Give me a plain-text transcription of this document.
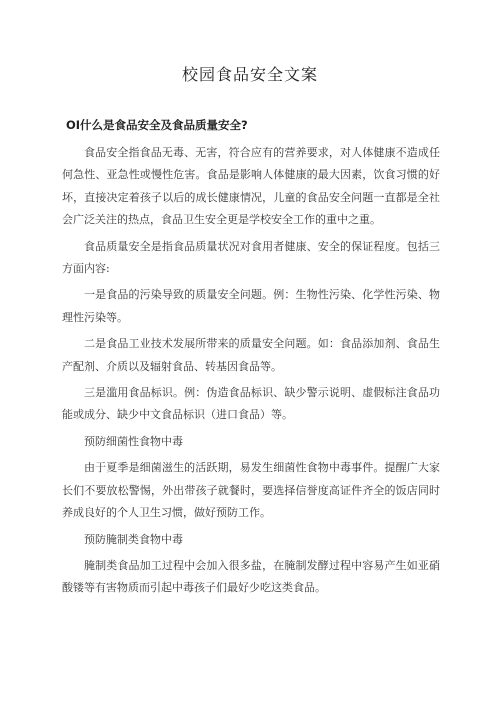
校园食品安全文案
OI什么是食品安全及食品质量安全?

食品安全指食品无毒、无害，符合应有的营养要求，对人体健康不造成任何急性、亚急性或慢性危害。食品是影响人体健康的最大因素，饮食习惯的好坏，直接决定着孩子以后的成长健康情况，儿童的食品安全问题一直都是全社会广泛关注的热点，食品卫生安全更是学校安全工作的重中之重。

食品质量安全是指食品质量状况对食用者健康、安全的保证程度。包括三方面内容:

一是食品的污染导致的质量安全问题。例：生物性污染、化学性污染、物理性污染等。

二是食品工业技术发展所带来的质量安全问题。如：食品添加剂、食品生产配剂、介质以及辐射食品、转基因食品等。

三是滥用食品标识。例：伪造食品标识、缺少警示说明、虚假标注食品功能或成分、缺少中文食品标识（进口食品）等。

预防细菌性食物中毒

由于夏季是细菌滋生的活跃期，易发生细菌性食物中毒事件。提醒广大家长们不要放松警惕，外出带孩子就餐时，要选择信誉度高证件齐全的饭店同时养成良好的个人卫生习惯，做好预防工作。

预防腌制类食物中毒

腌制类食品加工过程中会加入很多盐，在腌制发酵过程中容易产生如亚硝酸镂等有害物质而引起中毒孩子们最好少吃这类食品。
